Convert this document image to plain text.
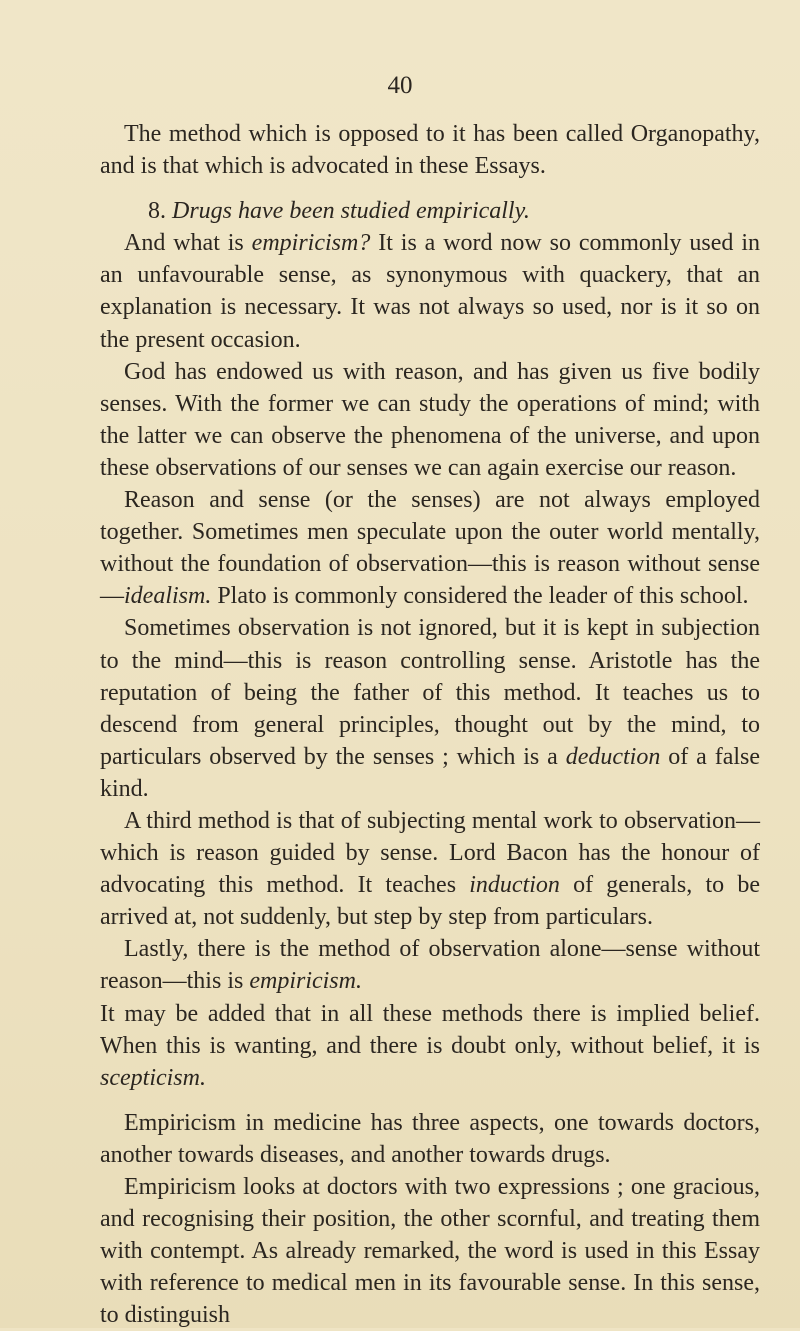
40

The method which is opposed to it has been called Organopathy, and is that which is advocated in these Essays.

8. Drugs have been studied empirically.

And what is empiricism? It is a word now so commonly used in an unfavourable sense, as synonymous with quackery, that an explanation is necessary. It was not always so used, nor is it so on the present occasion.

God has endowed us with reason, and has given us five bodily senses. With the former we can study the operations of mind; with the latter we can observe the phenomena of the universe, and upon these observations of our senses we can again exercise our reason.

Reason and sense (or the senses) are not always employed together. Sometimes men speculate upon the outer world mentally, without the foundation of observation—this is reason without sense—idealism. Plato is commonly considered the leader of this school.

Sometimes observation is not ignored, but it is kept in subjection to the mind—this is reason controlling sense. Aristotle has the reputation of being the father of this method. It teaches us to descend from general principles, thought out by the mind, to particulars observed by the senses ; which is a deduction of a false kind.

A third method is that of subjecting mental work to observation—which is reason guided by sense. Lord Bacon has the honour of advocating this method. It teaches induction of generals, to be arrived at, not suddenly, but step by step from particulars.

Lastly, there is the method of observation alone—sense without reason—this is empiricism.

It may be added that in all these methods there is implied belief. When this is wanting, and there is doubt only, without belief, it is scepticism.

Empiricism in medicine has three aspects, one towards doctors, another towards diseases, and another towards drugs.

Empiricism looks at doctors with two expressions ; one gracious, and recognising their position, the other scornful, and treating them with contempt. As already remarked, the word is used in this Essay with reference to medical men in its favourable sense. In this sense, to distinguish
